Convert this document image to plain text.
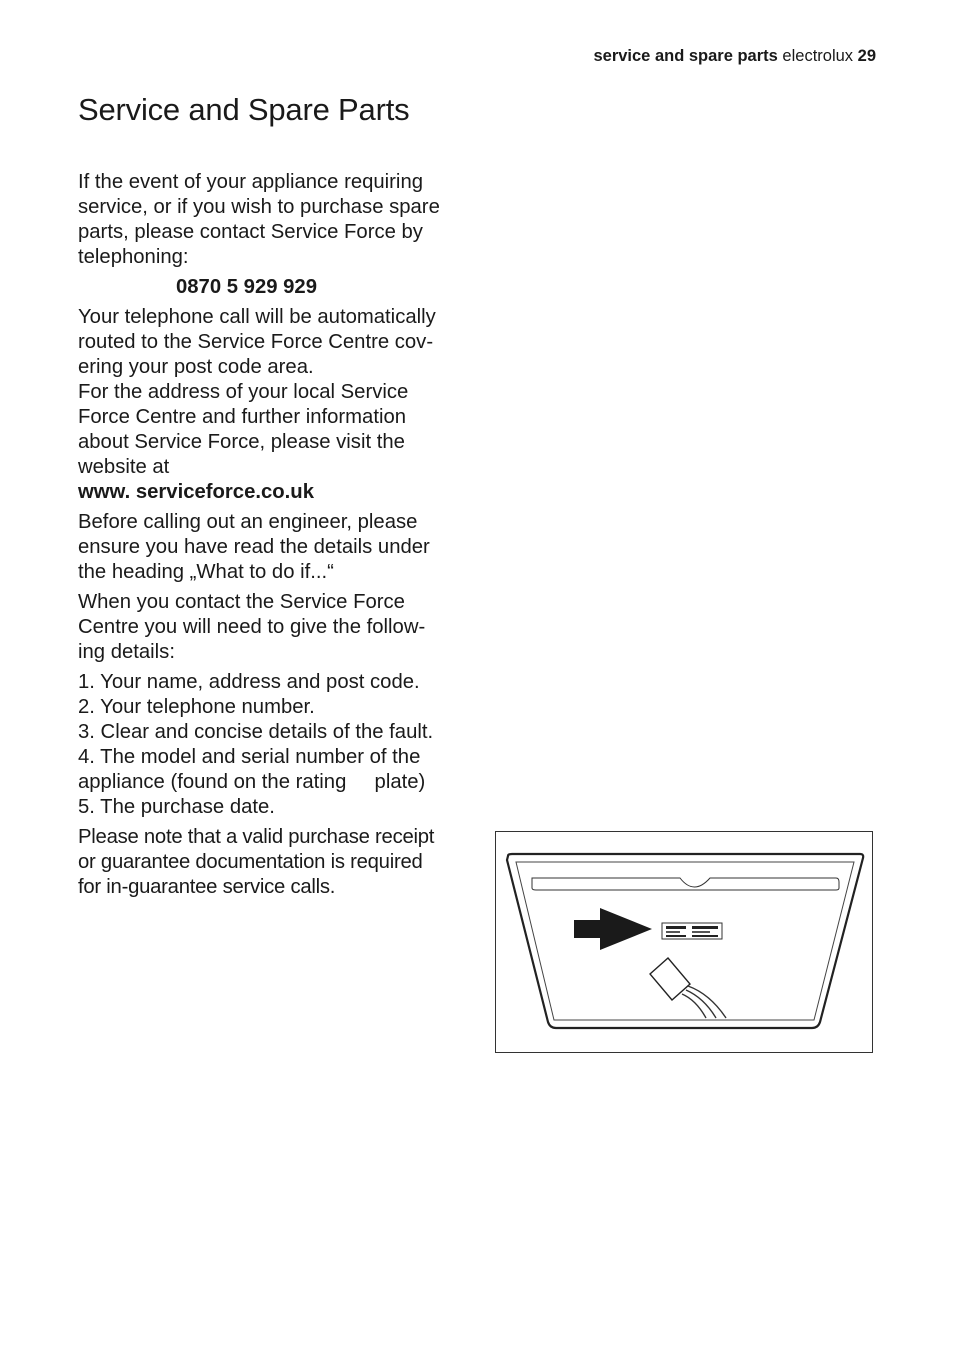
service and spare parts electrolux 29
Service and Spare Parts

If the event of your appliance requiring
service, or if you wish to purchase spare
parts, please contact Service Force by
telephoning:

0870 5 929 929

Your telephone call will be automatically
routed to the Service Force Centre cov-
ering your post code area.
For the address of your local Service
Force Centre and further information
about Service Force, please visit the
website at

www. serviceforce.co.uk

Before calling out an engineer, please
ensure you have read the details under
the heading „What to do if...“

When you contact the Service Force
Centre you will need to give the follow-
ing details:

1. Your name, address and post code.
2. Your telephone number.
3. Clear and concise details of the fault.
4. The model and serial number of the
appliance (found on the rating     plate)
5. The purchase date.

Please note that a valid purchase receipt
or guarantee documentation is required
for in-guarantee service calls.
